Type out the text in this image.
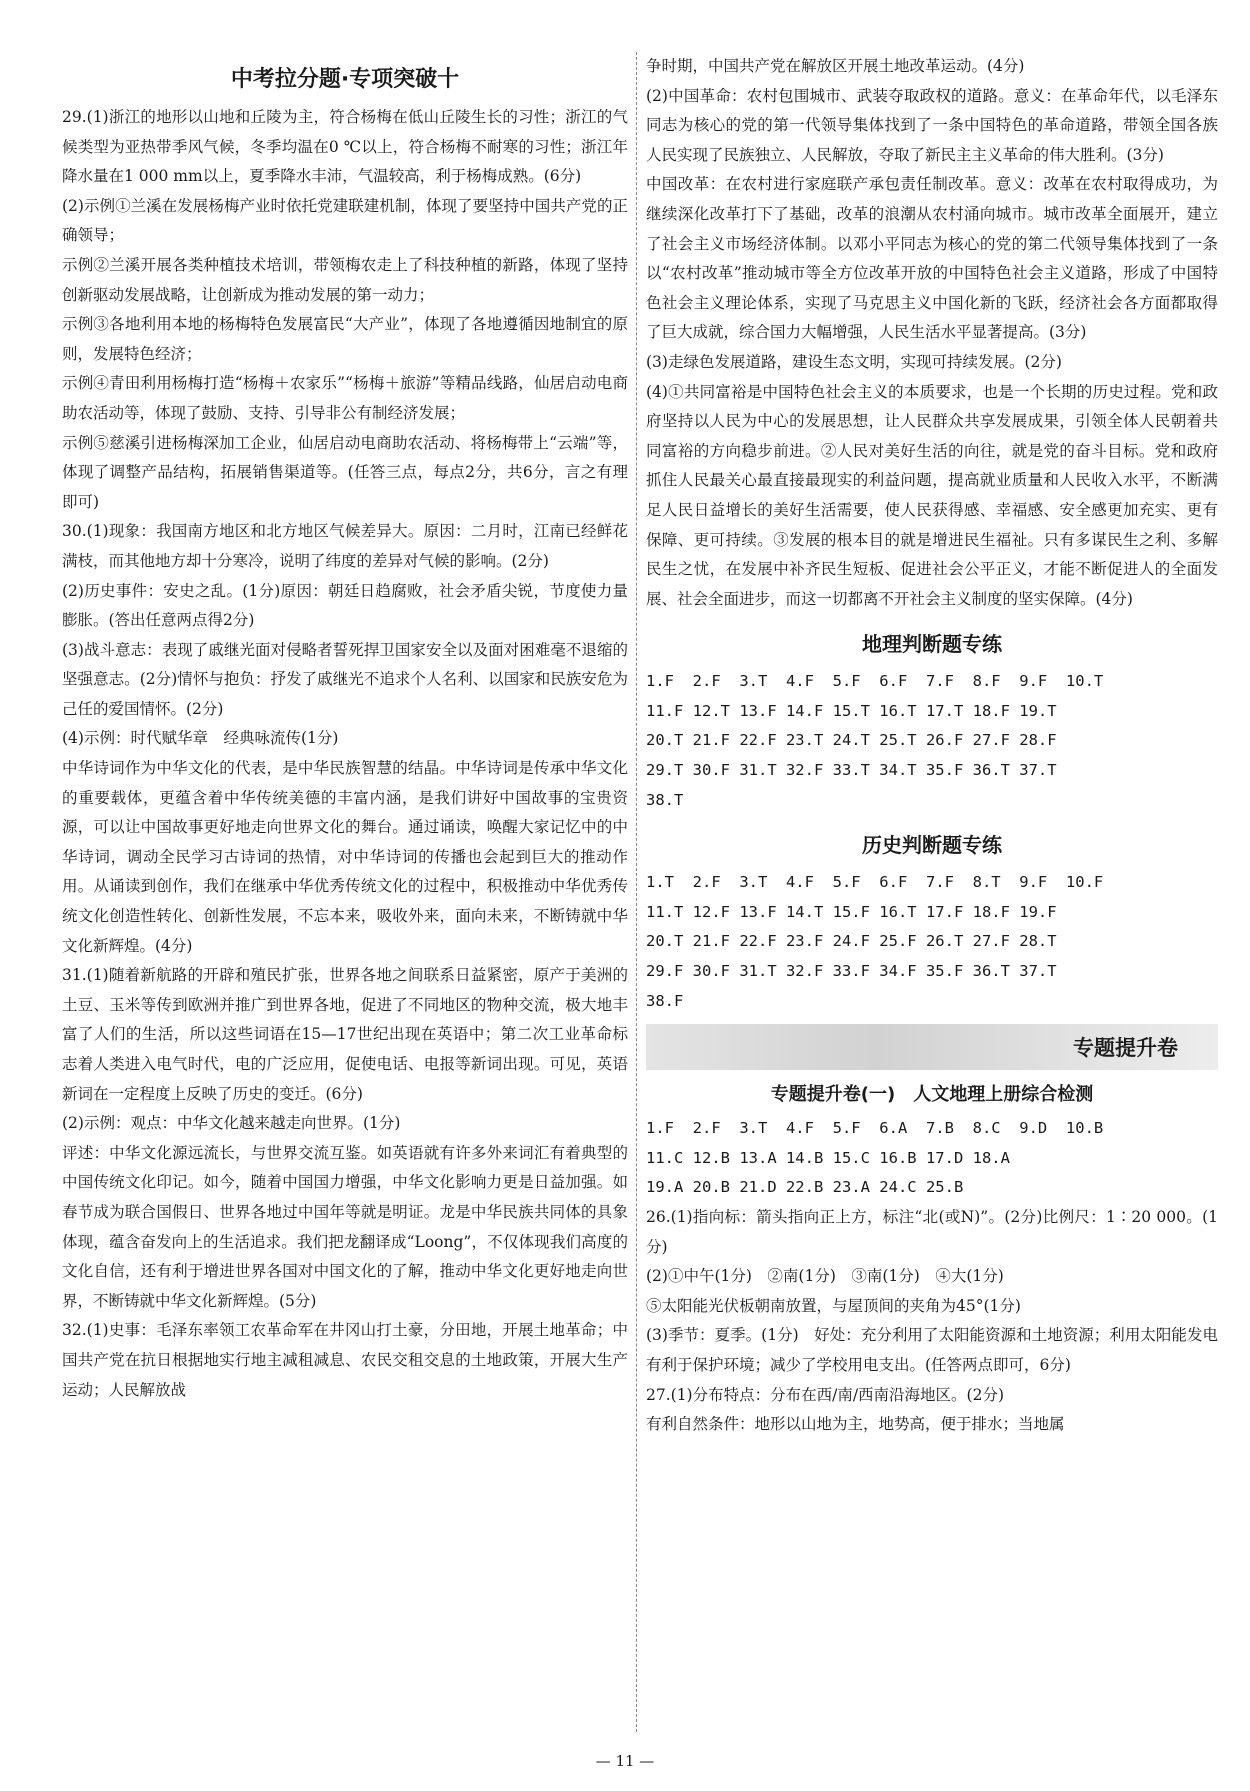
中考拉分题·专项突破十
29.(1)浙江的地形以山地和丘陵为主，符合杨梅在低山丘陵生长的习性；浙江的气候类型为亚热带季风气候，冬季均温在0 ℃以上，符合杨梅不耐寒的习性；浙江年降水量在1 000 mm以上，夏季降水丰沛，气温较高，利于杨梅成熟。(6分)
(2)示例①兰溪在发展杨梅产业时依托党建联建机制，体现了要坚持中国共产党的正确领导；
示例②兰溪开展各类种植技术培训，带领梅农走上了科技种植的新路，体现了坚持创新驱动发展战略，让创新成为推动发展的第一动力；
示例③各地利用本地的杨梅特色发展富民“大产业”，体现了各地遵循因地制宜的原则，发展特色经济；
示例④青田利用杨梅打造“杨梅＋农家乐”“杨梅＋旅游”等精品线路，仙居启动电商助农活动等，体现了鼓励、支持、引导非公有制经济发展；
示例⑤慈溪引进杨梅深加工企业，仙居启动电商助农活动、将杨梅带上“云端”等，体现了调整产品结构，拓展销售渠道等。(任答三点，每点2分，共6分，言之有理即可)
30.(1)现象：我国南方地区和北方地区气候差异大。原因：二月时，江南已经鲜花满枝，而其他地方却十分寒冷，说明了纬度的差异对气候的影响。(2分)
(2)历史事件：安史之乱。(1分)原因：朝廷日趋腐败，社会矛盾尖锐，节度使力量膨胀。(答出任意两点得2分)
(3)战斗意志：表现了戚继光面对侵略者誓死捍卫国家安全以及面对困难毫不退缩的坚强意志。(2分)情怀与抱负：抒发了戚继光不追求个人名利、以国家和民族安危为己任的爱国情怀。(2分)
(4)示例：时代赋华章　经典咏流传(1分)
中华诗词作为中华文化的代表，是中华民族智慧的结晶。中华诗词是传承中华文化的重要载体，更蕴含着中华传统美德的丰富内涵，是我们讲好中国故事的宝贵资源，可以让中国故事更好地走向世界文化的舞台。通过诵读，唤醒大家记忆中的中华诗词，调动全民学习古诗词的热情，对中华诗词的传播也会起到巨大的推动作用。从诵读到创作，我们在继承中华优秀传统文化的过程中，积极推动中华优秀传统文化创造性转化、创新性发展，不忘本来，吸收外来，面向未来，不断铸就中华文化新辉煌。(4分)
31.(1)随着新航路的开辟和殖民扩张，世界各地之间联系日益紧密，原产于美洲的土豆、玉米等传到欧洲并推广到世界各地，促进了不同地区的物种交流，极大地丰富了人们的生活，所以这些词语在15—17世纪出现在英语中；第二次工业革命标志着人类进入电气时代，电的广泛应用，促使电话、电报等新词出现。可见，英语新词在一定程度上反映了历史的变迁。(6分)
(2)示例：观点：中华文化越来越走向世界。(1分)
评述：中华文化源远流长，与世界交流互鉴。如英语就有许多外来词汇有着典型的中国传统文化印记。如今，随着中国国力增强，中华文化影响力更是日益加强。如春节成为联合国假日、世界各地过中国年等就是明证。龙是中华民族共同体的具象体现，蕴含奋发向上的生活追求。我们把龙翻译成“Loong”，不仅体现我们高度的文化自信，还有利于增进世界各国对中国文化的了解，推动中华文化更好地走向世界，不断铸就中华文化新辉煌。(5分)
32.(1)史事：毛泽东率领工农革命军在井冈山打土豪，分田地，开展土地革命；中国共产党在抗日根据地实行地主减租减息、农民交租交息的土地政策，开展大生产运动；人民解放战
争时期，中国共产党在解放区开展土地改革运动。(4分)
(2)中国革命：农村包围城市、武装夺取政权的道路。意义：在革命年代，以毛泽东同志为核心的党的第一代领导集体找到了一条中国特色的革命道路，带领全国各族人民实现了民族独立、人民解放，夺取了新民主主义革命的伟大胜利。(3分)
中国改革：在农村进行家庭联产承包责任制改革。意义：改革在农村取得成功，为继续深化改革打下了基础，改革的浪潮从农村涌向城市。城市改革全面展开，建立了社会主义市场经济体制。以邓小平同志为核心的党的第二代领导集体找到了一条以“农村改革”推动城市等全方位改革开放的中国特色社会主义道路，形成了中国特色社会主义理论体系，实现了马克思主义中国化新的飞跃，经济社会各方面都取得了巨大成就，综合国力大幅增强，人民生活水平显著提高。(3分)
(3)走绿色发展道路，建设生态文明，实现可持续发展。(2分)
(4)①共同富裕是中国特色社会主义的本质要求，也是一个长期的历史过程。党和政府坚持以人民为中心的发展思想，让人民群众共享发展成果，引领全体人民朝着共同富裕的方向稳步前进。②人民对美好生活的向往，就是党的奋斗目标。党和政府抓住人民最关心最直接最现实的利益问题，提高就业质量和人民收入水平，不断满足人民日益增长的美好生活需要，使人民获得感、幸福感、安全感更加充实、更有保障、更可持续。③发展的根本目的就是增进民生福祉。只有多谋民生之利、多解民生之忧，在发展中补齐民生短板、促进社会公平正义，才能不断促进人的全面发展、社会全面进步，而这一切都离不开社会主义制度的坚实保障。(4分)
地理判断题专练
1.F  2.F  3.T  4.F  5.F  6.F  7.F  8.F  9.F  10.T
11.F 12.T 13.F 14.F 15.T 16.T 17.T 18.F 19.T
20.T 21.F 22.F 23.T 24.T 25.T 26.F 27.F 28.F
29.T 30.F 31.T 32.F 33.T 34.T 35.F 36.T 37.T
38.T
历史判断题专练
1.T  2.F  3.T  4.F  5.F  6.F  7.F  8.T  9.F  10.F
11.T 12.F 13.F 14.T 15.F 16.T 17.F 18.F 19.F
20.T 21.F 22.F 23.F 24.F 25.F 26.T 27.F 28.T
29.F 30.F 31.T 32.F 33.F 34.F 35.F 36.T 37.T
38.F
专题提升卷
专题提升卷(一)　人文地理上册综合检测
1.F  2.F  3.T  4.F  5.F  6.A  7.B  8.C  9.D  10.B
11.C 12.B 13.A 14.B 15.C 16.B 17.D 18.A
19.A 20.B 21.D 22.B 23.A 24.C 25.B
26.(1)指向标：箭头指向正上方，标注“北(或N)”。(2分)比例尺：1∶20 000。(1分)
(2)①中午(1分)　②南(1分)　③南(1分)　④大(1分)
⑤太阳能光伏板朝南放置，与屋顶间的夹角为45°(1分)
(3)季节：夏季。(1分)　好处：充分利用了太阳能资源和土地资源；利用太阳能发电有利于保护环境；减少了学校用电支出。(任答两点即可，6分)
27.(1)分布特点：分布在西/南/西南沿海地区。(2分)
有利自然条件：地形以山地为主，地势高，便于排水；当地属
— 11 —
